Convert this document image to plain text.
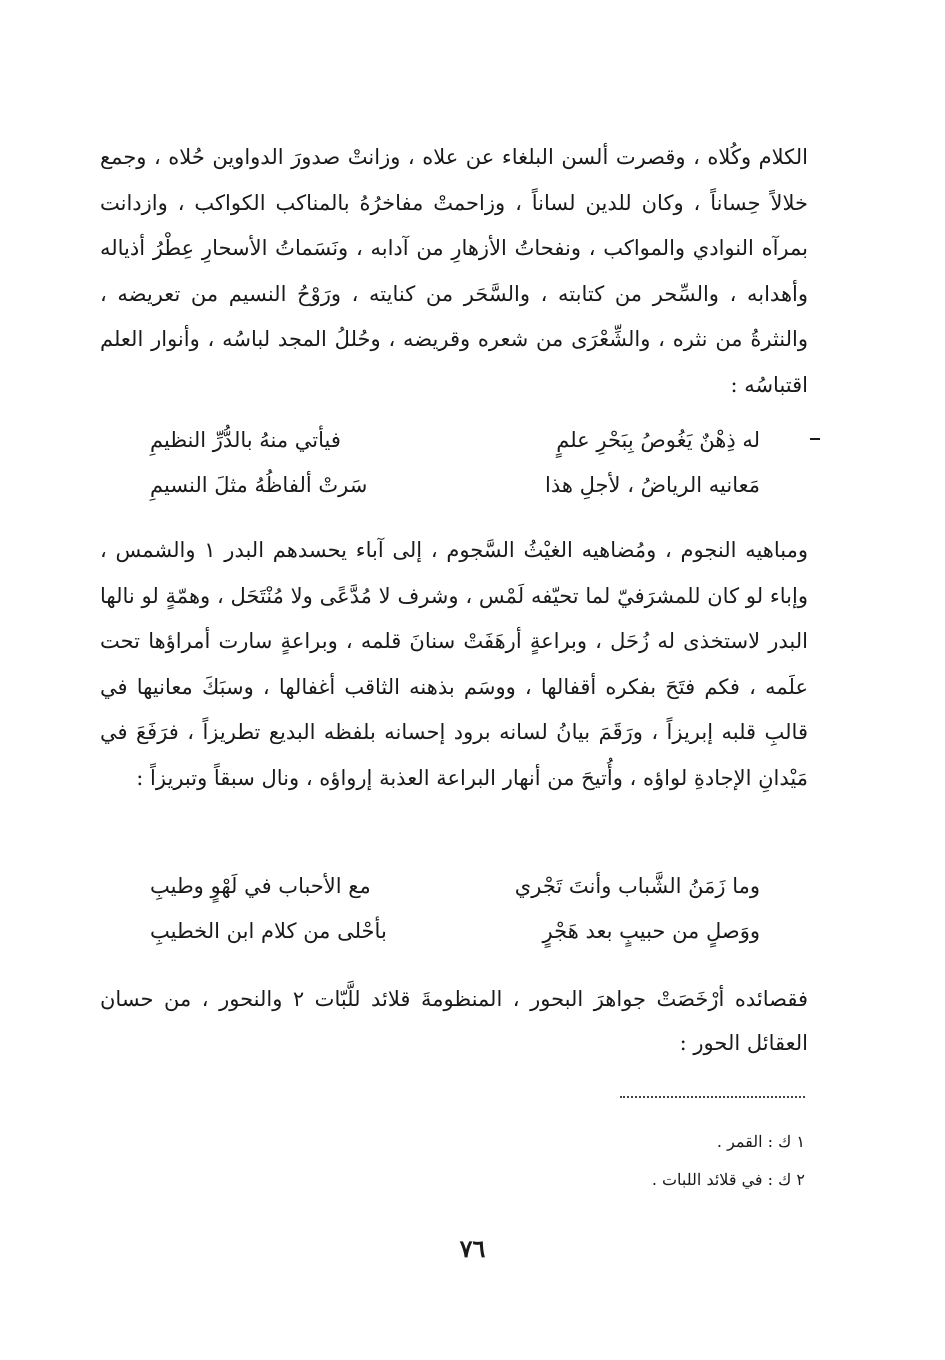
الكلام وكُلاه ، وقصرت ألسن البلغاء عن علاه ، وزانتْ صدورَ الدواوين حُلاه ، وجمع خلالاً حِساناً ، وكان للدين لساناً ، وزاحمتْ مفاخرُهُ بالمناكب الكواكب ، وازدانت بمرآه النوادي والمواكب ، ونفحاتُ الأزهارِ من آدابه ، ونَسَماتُ الأسحارِ عِطْرُ أذياله وأهدابه ، والسِّحر من كتابته ، والسَّحَر من كنايته ، ورَوْحُ النسيم من تعريضه ، والنثرةُ من نثره ، والشِّعْرَى من شعره وقريضه ، وحُللُ المجد لباسُه ، وأنوار العلم اقتباسُه :

له ذِهْنٌ يَغُوصُ بِبَحْرِ علمٍ
فيأتي منهُ بالدُّرِّ النظيمِ
مَعانيه الرياضُ ، لأجلِ هذا
سَرتْ ألفاظُهُ مثلَ النسيمِ

ومباهيه النجوم ، ومُضاهيه الغيْثُ السَّجوم ، إلى آباء يحسدهم البدر ١ والشمس ، وإباء لو كان للمشرَفيّ لما تحيّفه لَمْس ، وشرف لا مُدَّعًى ولا مُنْتَحَل ، وهمّةٍ لو نالها البدر لاستخذى له زُحَل ، وبراعةٍ أرهَفَتْ سنانَ قلمه ، وبراعةٍ سارت أمراؤها تحت علَمه ، فكم فتَحَ بفكره أقفالها ، ووسَم بذهنه الثاقب أغفالها ، وسبَكَ معانيها في قالبِ قلبه إبريزاً ، ورَقَمَ بيانُ لسانه برود إحسانه بلفظه البديع تطريزاً ، فرَفَعَ في مَيْدانِ الإجادةِ لواؤه ، وأُتيحَ من أنهار البراعة العذبة إرواؤه ، ونال سبقاً وتبريزاً :

وما زَمَنُ الشَّباب وأنتَ تَجْري
مع الأحباب في لَهْوٍ وطيبِ
ووَصلٍ من حبيبٍ بعد هَجْرٍ
بأحْلى من كلام ابن الخطيبِ

فقصائده أرْخَصَتْ جواهرَ البحور ، المنظومةَ قلائد للَّبّات ٢ والنحور ، من حسان العقائل الحور :

١ ك : القمر .
٢ ك : في قلائد اللبات .
٧٦
